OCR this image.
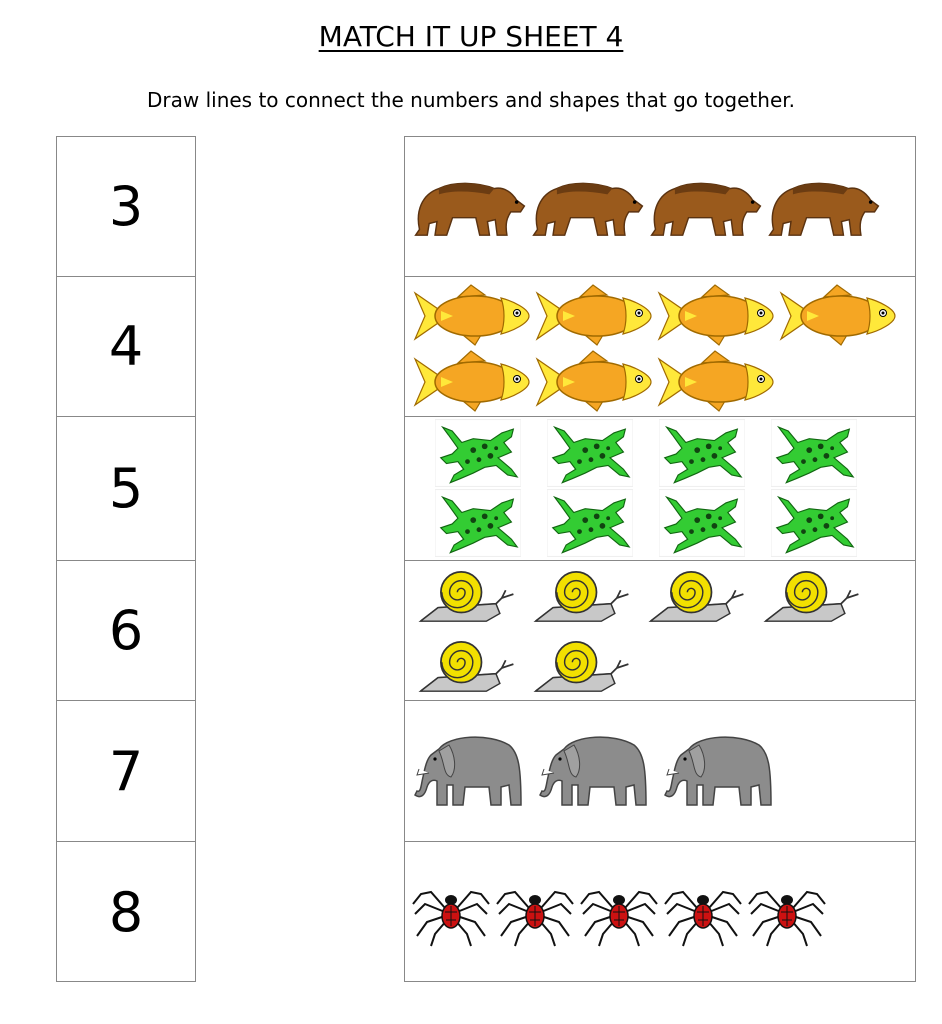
MATCH IT UP SHEET 4
Draw lines to connect the numbers and shapes that go together.
3
4
5
6
7
8
